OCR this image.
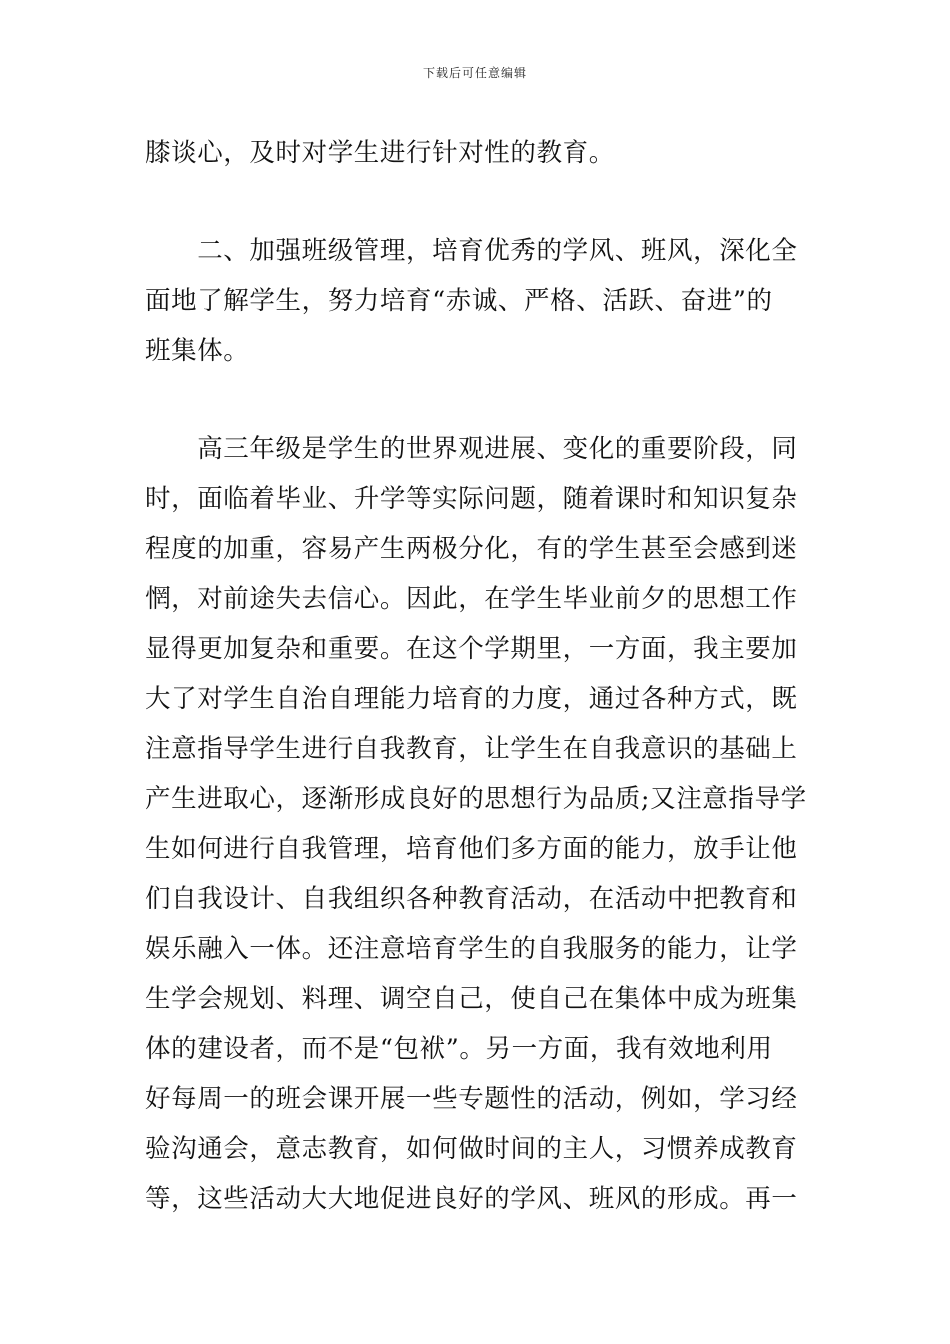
下载后可任意编辑
膝谈心，及时对学生进行针对性的教育。
　　二、加强班级管理，培育优秀的学风、班风，深化全
面地了解学生，努力培育“赤诚、严格、活跃、奋进”的
班集体。
　　高三年级是学生的世界观进展、变化的重要阶段，同
时，面临着毕业、升学等实际问题，随着课时和知识复杂
程度的加重，容易产生两极分化，有的学生甚至会感到迷
惘，对前途失去信心。因此，在学生毕业前夕的思想工作
显得更加复杂和重要。在这个学期里，一方面，我主要加
大了对学生自治自理能力培育的力度，通过各种方式，既
注意指导学生进行自我教育，让学生在自我意识的基础上
产生进取心，逐渐形成良好的思想行为品质;又注意指导学
生如何进行自我管理，培育他们多方面的能力，放手让他
们自我设计、自我组织各种教育活动，在活动中把教育和
娱乐融入一体。还注意培育学生的自我服务的能力，让学
生学会规划、料理、调空自己，使自己在集体中成为班集
体的建设者，而不是“包袱”。另一方面，我有效地利用
好每周一的班会课开展一些专题性的活动，例如，学习经
验沟通会，意志教育，如何做时间的主人，习惯养成教育
等，这些活动大大地促进良好的学风、班风的形成。再一
